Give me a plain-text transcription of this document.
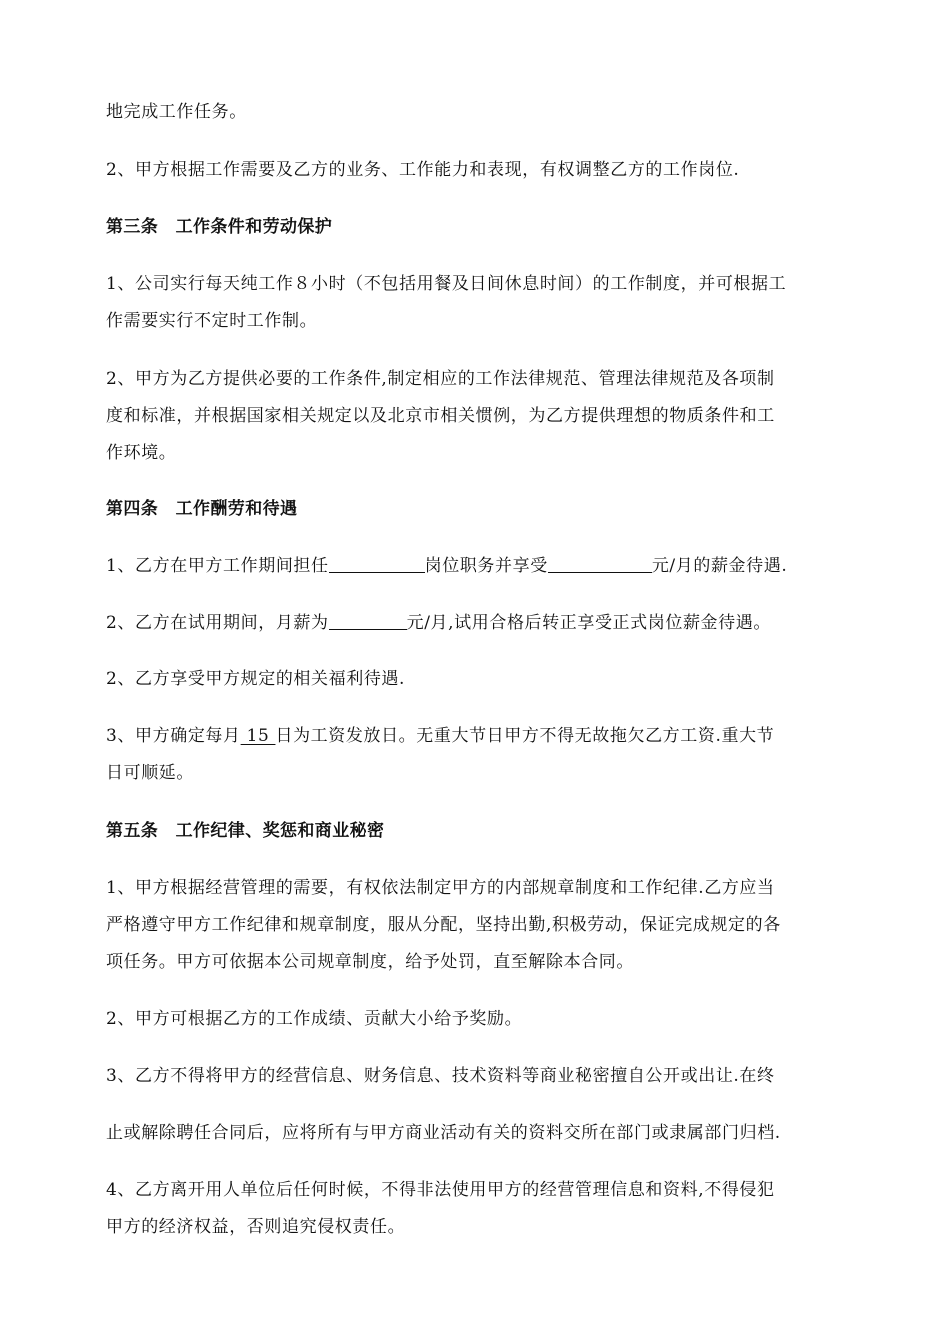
地完成工作任务。
2、甲方根据工作需要及乙方的业务、工作能力和表现，有权调整乙方的工作岗位.
第三条　工作条件和劳动保护
1、公司实行每天纯工作８小时（不包括用餐及日间休息时间）的工作制度，并可根据工
作需要实行不定时工作制。
2、甲方为乙方提供必要的工作条件,制定相应的工作法律规范、管理法律规范及各项制
度和标准，并根据国家相关规定以及北京市相关惯例，为乙方提供理想的物质条件和工
作环境。
第四条　工作酬劳和待遇
1、乙方在甲方工作期间担任	岗位职务并享受	元/月的薪金待遇.
2、乙方在试用期间，月薪为	元/月,试用合格后转正享受正式岗位薪金待遇。
2、乙方享受甲方规定的相关福利待遇.
3、甲方确定每月 15 日为工资发放日。无重大节日甲方不得无故拖欠乙方工资.重大节
日可顺延。
第五条　工作纪律、奖惩和商业秘密
1、甲方根据经营管理的需要，有权依法制定甲方的内部规章制度和工作纪律.乙方应当
严格遵守甲方工作纪律和规章制度，服从分配，坚持出勤,积极劳动，保证完成规定的各
项任务。甲方可依据本公司规章制度，给予处罚，直至解除本合同。
2、甲方可根据乙方的工作成绩、贡献大小给予奖励。
3、乙方不得将甲方的经营信息、财务信息、技术资料等商业秘密擅自公开或出让.在终
止或解除聘任合同后，应将所有与甲方商业活动有关的资料交所在部门或隶属部门归档.
4、乙方离开用人单位后任何时候，不得非法使用甲方的经营管理信息和资料,不得侵犯
甲方的经济权益，否则追究侵权责任。
